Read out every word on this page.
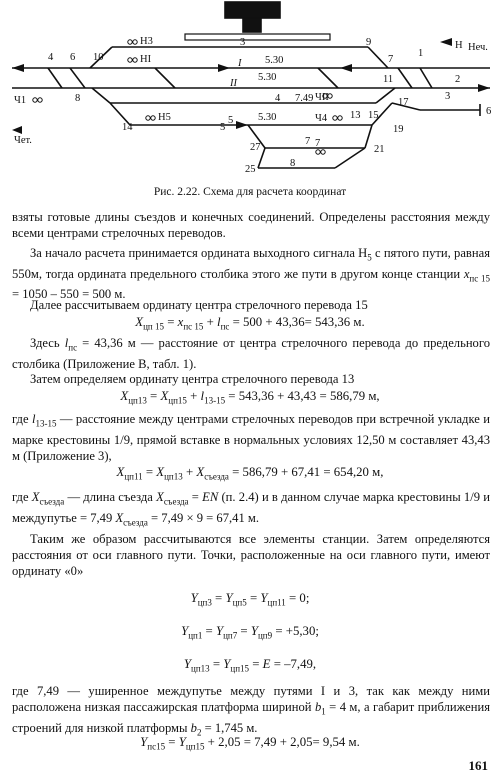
4 6 10
9
7
1
8
2
3
11
13 15
17
19
14	5
27
25
7
21
3
I
II
4
5
6
7
8
5.30
5.30
7.49
5.30
Н3
НI
Н5	Ч4
ЧII
Ч1
Н
Чет.
Неч.
Рис. 2.22. Схема для расчета координат

взяты готовые длины съездов и конечных соединений. Определены расстояния между всеми центрами стрелочных переводов.

За начало расчета принимается ордината выходного сигнала $Н_5$ с пятого пути, равная 550м, тогда ордината предельного столбика этого же пути в другом конце станции $x_{пс 15} = 1050 - 550 = 500$ м.

Далее рассчитываем ординату центра стрелочного перевода 15

$X_{цп 15} = x_{пс 15} + l_{пс} = 500 + 43,36= 543,36$ м.

Здесь $l_{пс} = 43,36$ м — расстояние от центра стрелочного перевода до предельного столбика (Приложение В, табл. 1).

Затем определяем ординату центра стрелочного перевода 13

$X_{цп13} = X_{цп15} + l_{13-15} = 543,36 + 43,43 = 586,79$ м,

где $l_{13-15}$ — расстояние между центрами стрелочных переводов при встречной укладке и марке крестовины 1/9, прямой вставке в нормальных условиях 12,50 м составляет 43,43 м (Приложение 3),

$X_{цп11} = X_{цп13} + X_{съезда} = 586,79 + 67,41 = 654,20$ м,

где $X_{съезда}$ — длина съезда $X_{съезда}$ = EN (п. 2.4) и в данном случае марка крестовины 1/9 и междупутье = 7,49 $X_{съезда} = 7,49 \times 9 = 67,41$ м.

Таким же образом рассчитываются все элементы станции. Затем определяются расстояния от оси главного пути. Точки, расположенные на оси главного пути, имеют ординату «0»

$Y_{цп3} = Y_{цп5} = Y_{цп11} = 0$;
$Y_{цп1} = Y_{цп7} = Y_{цп9} = +5,30$;
$Y_{цп13} = Y_{цп15} = E = -7,49$,

где 7,49 — уширенное междупутье между путями I и 3, так как между ними расположена низкая пассажирская платформа шириной $b_1 = 4$ м, а габарит приближения строений для низкой платформы $b_2 = 1,745$ м.

$Y_{пс15} = Y_{цп15} + 2,05 = 7,49 + 2,05= 9,54$ м.
161
